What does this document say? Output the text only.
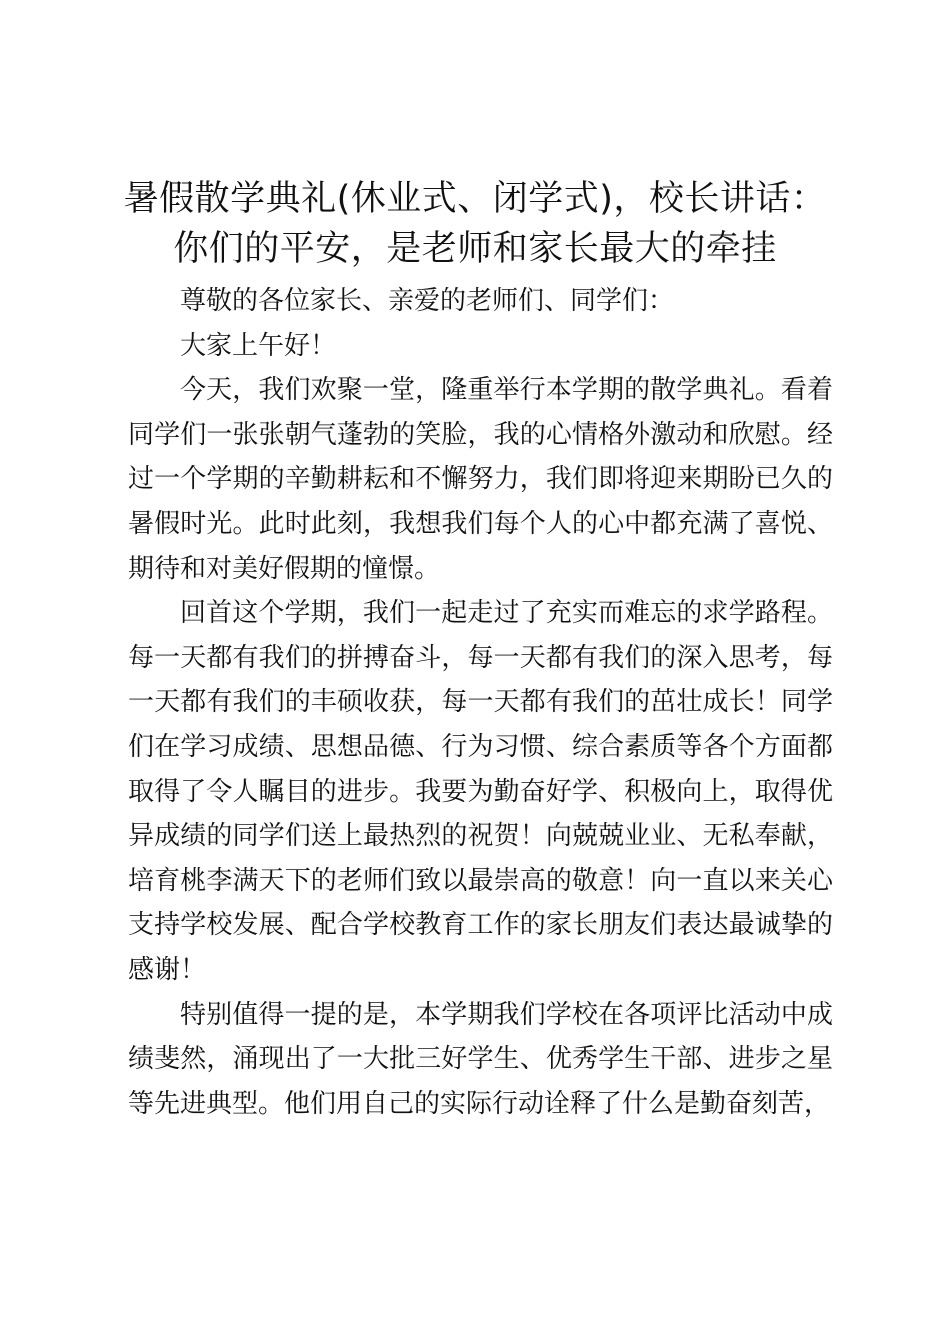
暑假散学典礼(休业式、闭学式)，校长讲话：
你们的平安，是老师和家长最大的牵挂

尊敬的各位家长、亲爱的老师们、同学们：

大家上午好！

今天，我们欢聚一堂，隆重举行本学期的散学典礼。看着同学们一张张朝气蓬勃的笑脸，我的心情格外激动和欣慰。经过一个学期的辛勤耕耘和不懈努力，我们即将迎来期盼已久的暑假时光。此时此刻，我想我们每个人的心中都充满了喜悦、期待和对美好假期的憧憬。

回首这个学期，我们一起走过了充实而难忘的求学路程。每一天都有我们的拼搏奋斗，每一天都有我们的深入思考，每一天都有我们的丰硕收获，每一天都有我们的茁壮成长！同学们在学习成绩、思想品德、行为习惯、综合素质等各个方面都取得了令人瞩目的进步。我要为勤奋好学、积极向上，取得优异成绩的同学们送上最热烈的祝贺！向兢兢业业、无私奉献，培育桃李满天下的老师们致以最崇高的敬意！向一直以来关心支持学校发展、配合学校教育工作的家长朋友们表达最诚挚的感谢！

特别值得一提的是，本学期我们学校在各项评比活动中成绩斐然，涌现出了一大批三好学生、优秀学生干部、进步之星等先进典型。他们用自己的实际行动诠释了什么是勤奋刻苦，
